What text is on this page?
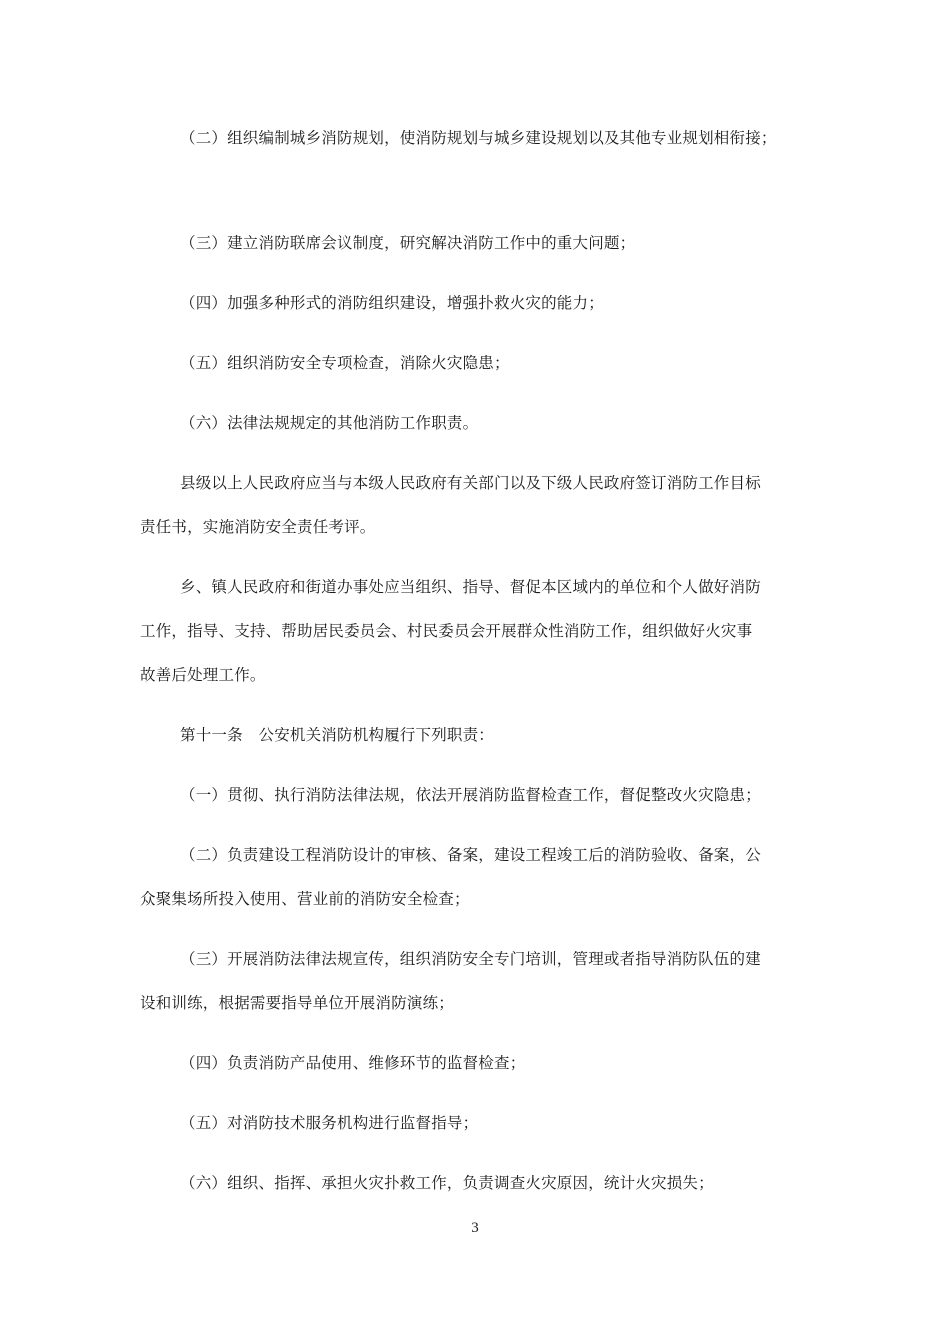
（二）组织编制城乡消防规划，使消防规划与城乡建设规划以及其他专业规划相衔接；
（三）建立消防联席会议制度，研究解决消防工作中的重大问题；
（四）加强多种形式的消防组织建设，增强扑救火灾的能力；
（五）组织消防安全专项检查，消除火灾隐患；
（六）法律法规规定的其他消防工作职责。
县级以上人民政府应当与本级人民政府有关部门以及下级人民政府签订消防工作目标
责任书，实施消防安全责任考评。
乡、镇人民政府和街道办事处应当组织、指导、督促本区域内的单位和个人做好消防
工作，指导、支持、帮助居民委员会、村民委员会开展群众性消防工作，组织做好火灾事
故善后处理工作。
第十一条　公安机关消防机构履行下列职责：
（一）贯彻、执行消防法律法规，依法开展消防监督检查工作，督促整改火灾隐患；
（二）负责建设工程消防设计的审核、备案，建设工程竣工后的消防验收、备案，公
众聚集场所投入使用、营业前的消防安全检查；
（三）开展消防法律法规宣传，组织消防安全专门培训，管理或者指导消防队伍的建
设和训练，根据需要指导单位开展消防演练；
（四）负责消防产品使用、维修环节的监督检查；
（五）对消防技术服务机构进行监督指导；
（六）组织、指挥、承担火灾扑救工作，负责调查火灾原因，统计火灾损失；
3
